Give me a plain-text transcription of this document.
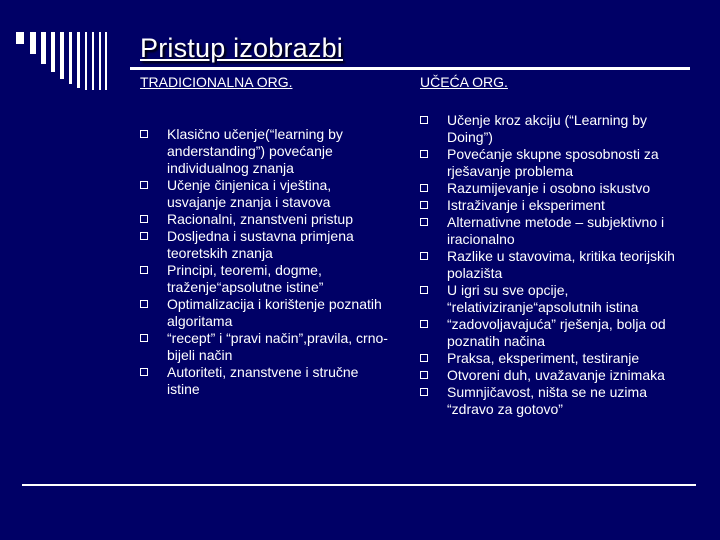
Pristup izobrazbi
TRADICIONALNA ORG.	UČEĆA ORG.
Klasično učenje(“learning by anderstanding”) povećanje individualnog znanja
Učenje činjenica i vještina, usvajanje znanja i stavova
Racionalni, znanstveni pristup
Dosljedna i sustavna primjena teoretskih znanja
Principi, teoremi, dogme, traženje“apsolutne istine”
Optimalizacija i korištenje poznatih algoritama
“recept” i “pravi način”,pravila, crno-bijeli način
Autoriteti, znanstvene i stručne istine
Učenje kroz akciju (“Learning by Doing”)
Povećanje skupne sposobnosti za rješavanje problema
Razumijevanje i osobno iskustvo
Istraživanje i eksperiment
Alternativne metode – subjektivno i iracionalno
Razlike u stavovima, kritika teorijskih polazišta
U igri su sve opcije, “relativiziranje“apsolutnih istina
“zadovoljavajuća” rješenja, bolja od poznatih načina
Praksa, eksperiment, testiranje
Otvoreni duh, uvažavanje iznimaka
Sumnjičavost, ništa se ne uzima “zdravo za gotovo”
